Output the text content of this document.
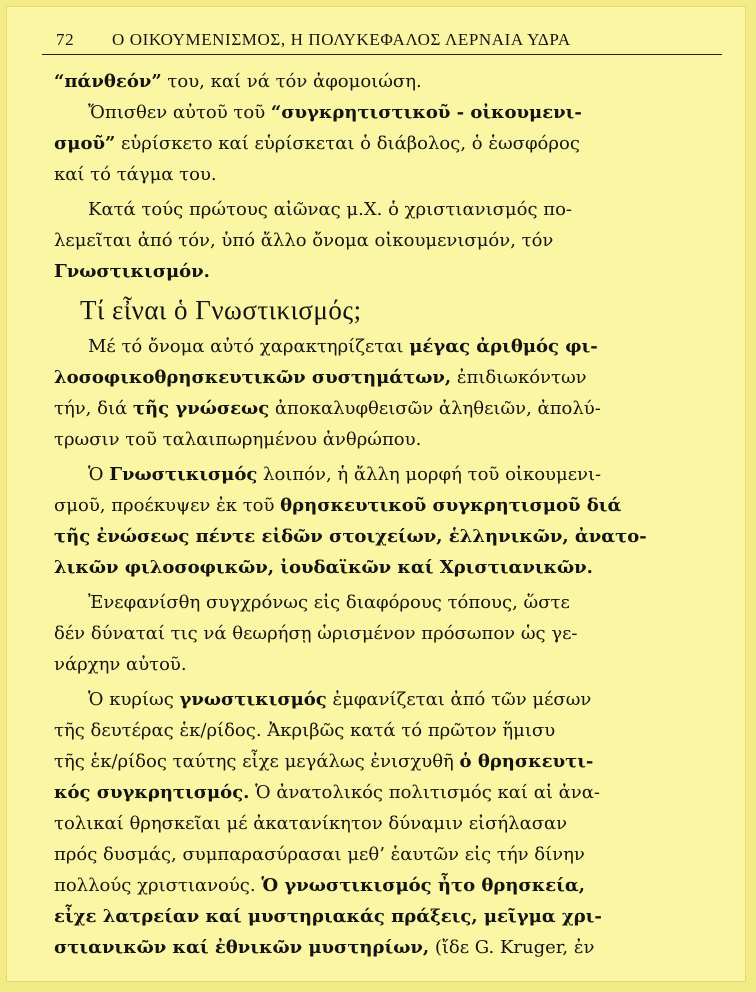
72 Ο ΟΙΚΟΥΜΕΝΙΣΜΟΣ, Η ΠΟΛΥΚΕΦΑΛΟΣ ΛΕΡΝΑΙΑ ΥΔΡΑ
“πάνθεόν” του, καί νά τόν ἀφομοιώση.
Ὄπισθεν αὐτοῦ τοῦ “συγκρητιστικοῦ - οἰκουμενι-
σμοῦ” εὑρίσκετο καί εὑρίσκεται ὁ διάβολος, ὁ ἑωσφόρος
καί τό τάγμα του.
Κατά τούς πρώτους αἰῶνας μ.Χ. ὁ χριστιανισμός πο-
λεμεῖται ἀπό τόν, ὑπό ἄλλο ὄνομα οἰκουμενισμόν, τόν
Γνωστικισμόν.
Τί εἶναι ὁ Γνωστικισμός;
Μέ τό ὄνομα αὐτό χαρακτηρίζεται μέγας ἀριθμός φι-
λοσοφικοθρησκευτικῶν συστημάτων, ἐπιδιωκόντων
τήν, διά τῆς γνώσεως ἀποκαλυφθεισῶν ἀληθειῶν, ἀπολύ-
τρωσιν τοῦ ταλαιπωρημένου ἀνθρώπου.
Ὁ Γνωστικισμός λοιπόν, ἡ ἄλλη μορφή τοῦ οἰκουμενι-
σμοῦ, προέκυψεν ἐκ τοῦ θρησκευτικοῦ συγκρητισμοῦ διά
τῆς ἐνώσεως πέντε εἰδῶν στοιχείων, ἑλληνικῶν, ἀνατο-
λικῶν φιλοσοφικῶν, ἰουδαϊκῶν καί Χριστιανικῶν.
Ἐνεφανίσθη συγχρόνως εἰς διαφόρους τόπους, ὥστε
δέν δύναταί τις νά θεωρήσῃ ὡρισμένον πρόσωπον ὡς γε-
νάρχην αὐτοῦ.
Ὁ κυρίως γνωστικισμός ἐμφανίζεται ἀπό τῶν μέσων
τῆς δευτέρας ἑκ/ρίδος. Ἀκριβῶς κατά τό πρῶτον ἥμισυ
τῆς ἑκ/ρίδος ταύτης εἶχε μεγάλως ἐνισχυθῆ ὁ θρησκευτι-
κός συγκρητισμός. Ὁ ἀνατολικός πολιτισμός καί αἱ ἀνα-
τολικαί θρησκεῖαι μέ ἀκατανίκητον δύναμιν εἰσήλασαν
πρός δυσμάς, συμπαρασύρασαι μεθ’ ἑαυτῶν εἰς τήν δίνην
πολλούς χριστιανούς. Ὁ γνωστικισμός ἦτο θρησκεία,
εἶχε λατρείαν καί μυστηριακάς πράξεις, μεῖγμα χρι-
στιανικῶν καί ἐθνικῶν μυστηρίων, (ἴδε G. Kruger, ἐν
